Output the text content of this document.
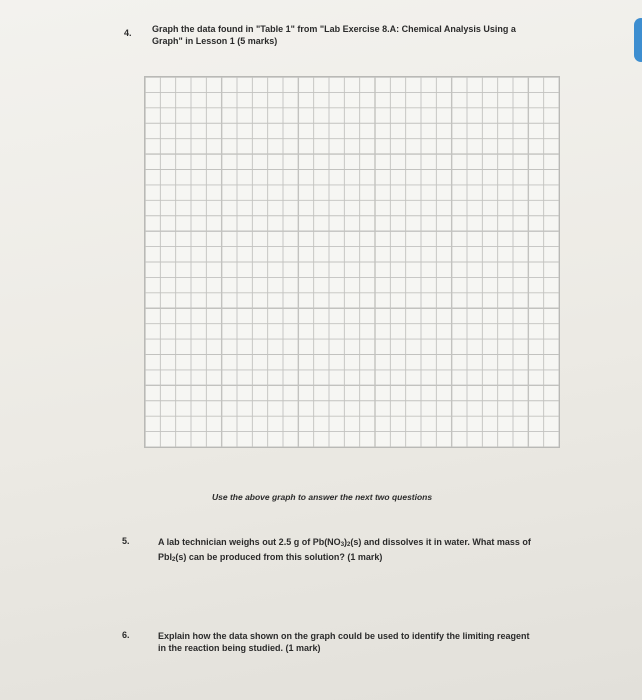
4. Graph the data found in "Table 1" from "Lab Exercise 8.A: Chemical Analysis Using a
Graph" in Lesson 1 (5 marks)
Use the above graph to answer the next two questions
5.	A lab technician weighs out 2.5 g of Pb(NO3)2(s) and dissolves it in water. What mass of
PbI2(s) can be produced from this solution? (1 mark)
6.	Explain how the data shown on the graph could be used to identify the limiting reagent
in the reaction being studied. (1 mark)
